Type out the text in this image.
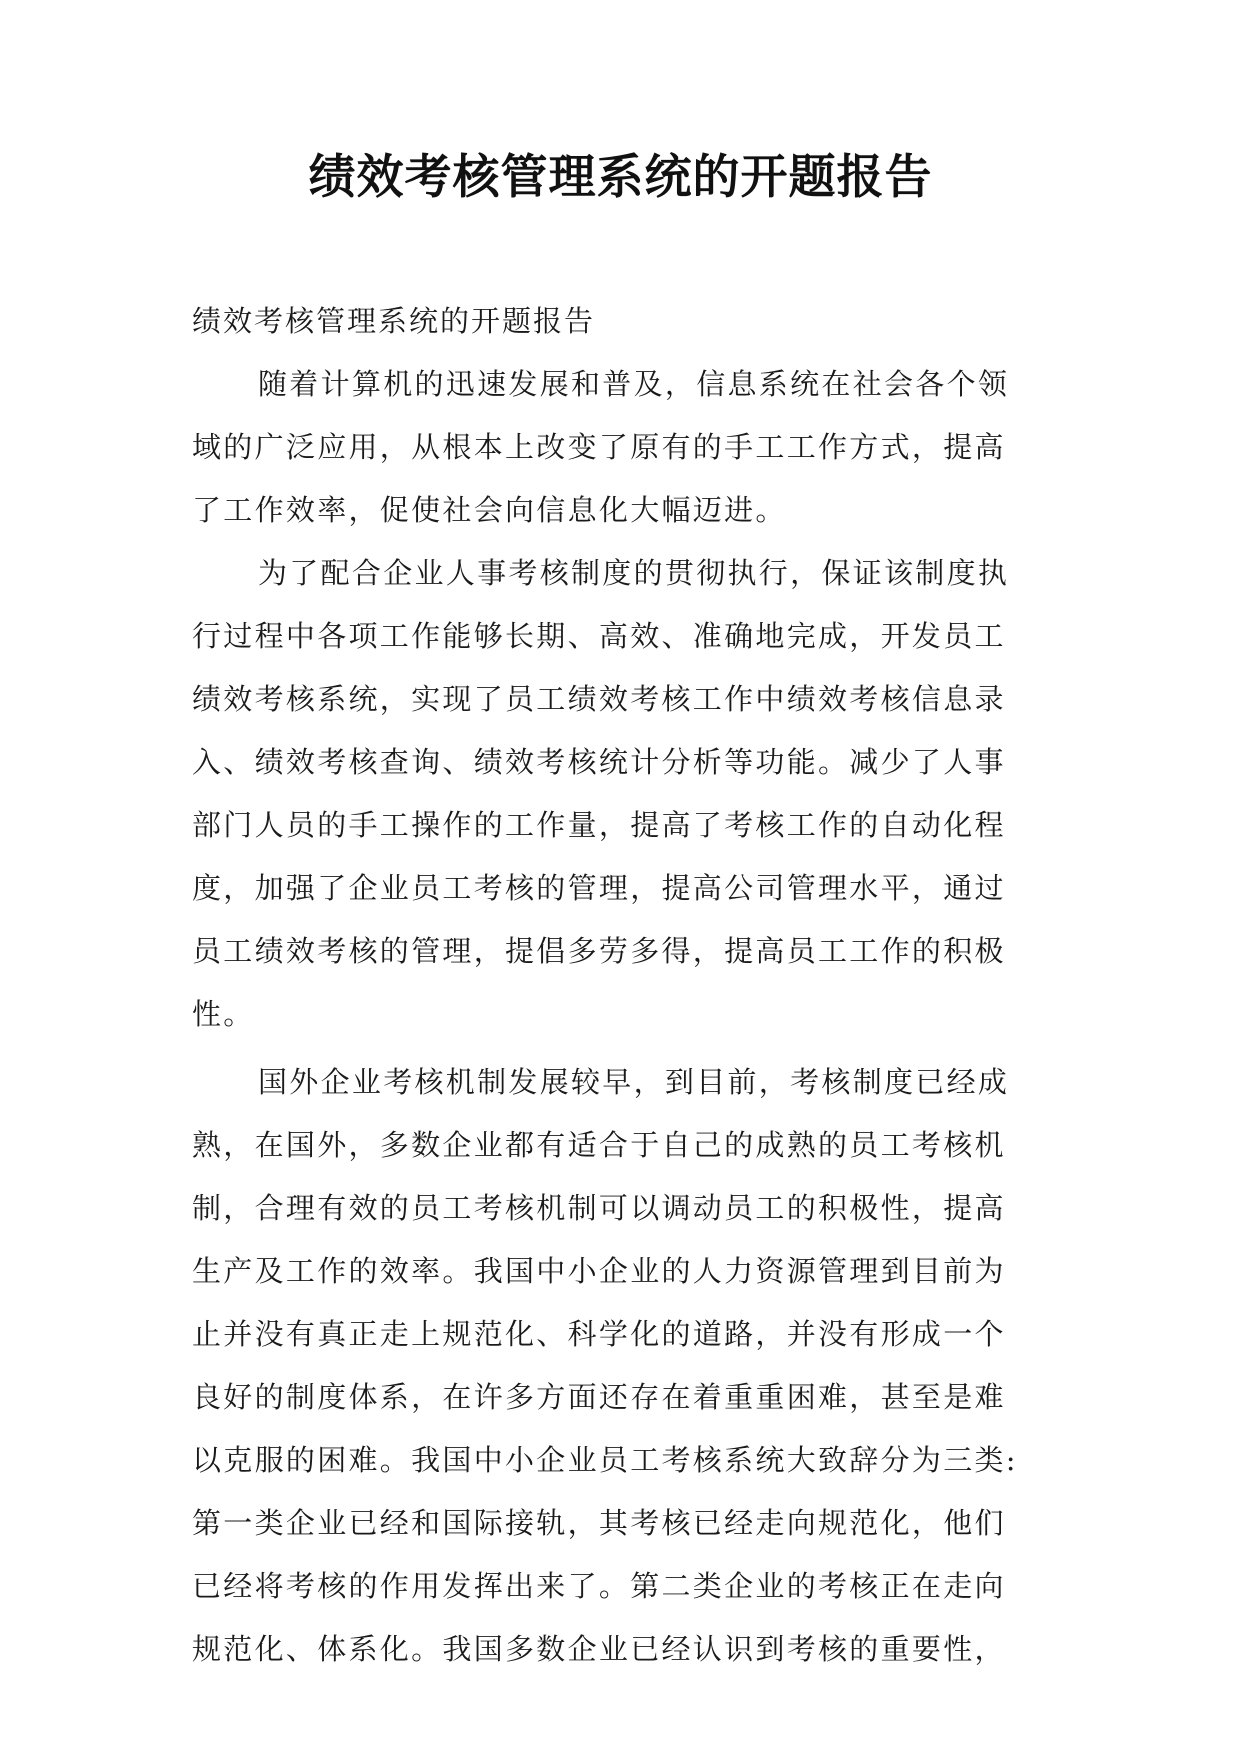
绩效考核管理系统的开题报告

绩效考核管理系统的开题报告

随着计算机的迅速发展和普及，信息系统在社会各个领
域的广泛应用，从根本上改变了原有的手工工作方式，提高
了工作效率，促使社会向信息化大幅迈进。

为了配合企业人事考核制度的贯彻执行，保证该制度执
行过程中各项工作能够长期、高效、准确地完成，开发员工
绩效考核系统，实现了员工绩效考核工作中绩效考核信息录
入、绩效考核查询、绩效考核统计分析等功能。减少了人事
部门人员的手工操作的工作量，提高了考核工作的自动化程
度，加强了企业员工考核的管理，提高公司管理水平，通过
员工绩效考核的管理，提倡多劳多得，提高员工工作的积极
性。

国外企业考核机制发展较早，到目前，考核制度已经成
熟，在国外，多数企业都有适合于自己的成熟的员工考核机
制，合理有效的员工考核机制可以调动员工的积极性，提高
生产及工作的效率。我国中小企业的人力资源管理到目前为
止并没有真正走上规范化、科学化的道路，并没有形成一个
良好的制度体系，在许多方面还存在着重重困难，甚至是难
以克服的困难。我国中小企业员工考核系统大致辞分为三类:
第一类企业已经和国际接轨，其考核已经走向规范化，他们
已经将考核的作用发挥出来了。第二类企业的考核正在走向
规范化、体系化。我国多数企业已经认识到考核的重要性，
